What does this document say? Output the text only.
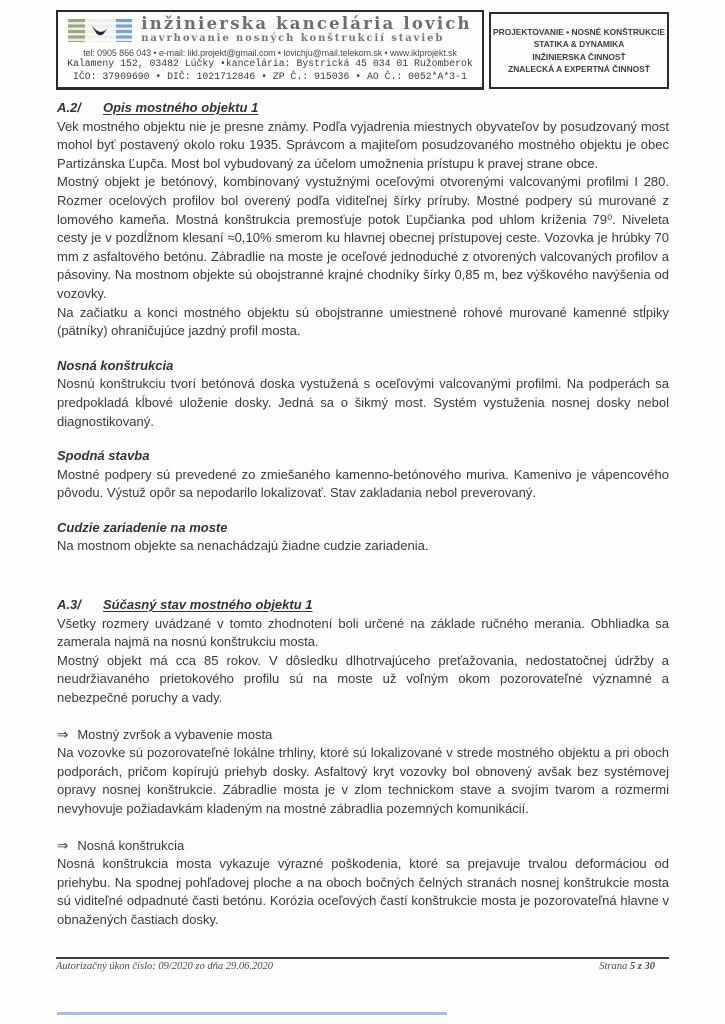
inžinierska kancelária lovich
navrhovanie nosných konštrukcií stavieb
tel: 0905 866 043 • e-mail: likl.projekt@gmail.com • lovichju@mail.telekom.sk • www.iklprojekt.sk
Kalameny 152, 03482 Lúčky •kancelária: Bystrická 45 034 01 Ružomberok
IČO: 37909690 • DIČ: 1021712846 • ZP Č.: 915036 • AO Č.: 0052*A*3-1
PROJEKTOVANIE • NOSNÉ KONŠTRUKCIE
STATIKA & DYNAMIKA
INŽINIERSKA ČINNOSŤ
ZNALECKÁ A EXPERTNÁ ČINNOSŤ
A.2/ Opis mostného objektu 1

Vek mostného objektu nie je presne známy. Podľa vyjadrenia miestnych obyvateľov by posudzovaný most mohol byť postavený okolo roku 1935. Správcom a majiteľom posudzovaného mostného objektu je obec Partizánska Ľupča. Most bol vybudovaný za účelom umožnenia prístupu k pravej strane obce.

Mostný objekt je betónový, kombinovaný vystužnými oceľovými otvorenými valcovanými profilmi I 280. Rozmer ocelových profilov bol overený podľa viditeľnej šírky príruby. Mostné podpery sú murované z lomového kameňa. Mostná konštrukcia premosťuje potok Ľupčianka pod uhlom kríženia 79⁰. Niveleta cesty je v pozdĺžnom klesaní ≈0,10% smerom ku hlavnej obecnej prístupovej ceste. Vozovka je hrúbky 70 mm z asfaltového betónu. Zábradlie na moste je oceľové jednoduché z otvorených valcovaných profilov a pásoviny. Na mostnom objekte sú obojstranné krajné chodníky šírky 0,85 m, bez výškového navýšenia od vozovky.

Na začiatku a konci mostného objektu sú obojstranne umiestnené rohové murované kamenné stĺpiky (pätníky) ohraničujúce jazdný profil mosta.

Nosná konštrukcia

Nosnú konštrukciu tvorí betónová doska vystužená s oceľovými valcovanými profilmi. Na podperách sa predpokladá kĺbové uloženie dosky. Jedná sa o šikmý most. Systém vystuženia nosnej dosky nebol diagnostikovaný.

Spodná stavba

Mostné podpery sú prevedené zo zmiešaného kamenno-betónového muriva. Kamenivo je vápencového pôvodu. Výstuž opôr sa nepodarilo lokalizovať. Stav zakladania nebol preverovaný.

Cudzie zariadenie na moste

Na mostnom objekte sa nenachádzajú žiadne cudzie zariadenia.

A.3/ Súčasný stav mostného objektu 1

Všetky rozmery uvádzané v tomto zhodnotení boli určené na základe ručného merania. Obhliadka sa zamerala najmä na nosnú konštrukciu mosta.

Mostný objekt má cca 85 rokov. V dôsledku dlhotrvajúceho preťažovania, nedostatočnej údržby a neudržiavaného prietokového profilu sú na moste už voľným okom pozorovateľné významné a nebezpečné poruchy a vady.

⇒ Mostný zvršok a vybavenie mosta

Na vozovke sú pozorovateľné lokálne trhliny, ktoré sú lokalizované v strede mostného objektu a pri oboch podporách, pričom kopírujú priehyb dosky. Asfaltový kryt vozovky bol obnovený avšak bez systémovej opravy nosnej konštrukcie. Zábradlie mosta je v zlom technickom stave a svojím tvarom a rozmermi nevyhovuje požiadavkám kladeným na mostné zábradlia pozemných komunikácií.

⇒ Nosná konštrukcia

Nosná konštrukcia mosta vykazuje výrazné poškodenia, ktoré sa prejavuje trvalou deformáciou od priehybu. Na spodnej pohľadovej ploche a na oboch bočných čelných stranách nosnej konštrukcie mosta sú viditeľné odpadnuté časti betónu. Korózia oceľových častí konštrukcie mosta je pozorovateľná hlavne v obnažených častiach dosky.

Autorizačný úkon číslo: 09/2020 zo dňa 29.06.2020	Strana 5 z 30
